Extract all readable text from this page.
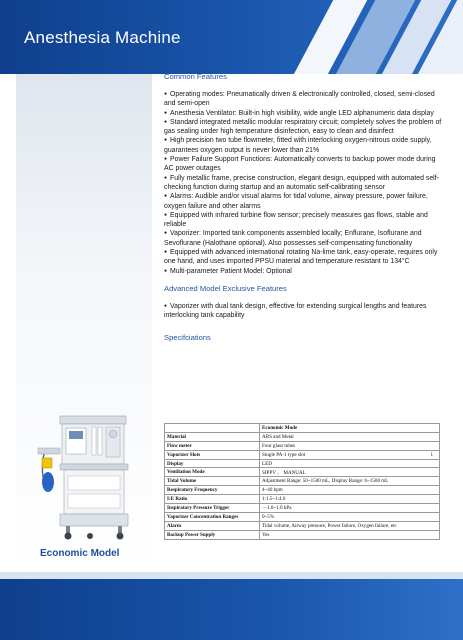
Anesthesia Machine
Common Features

● Operating modes: Pneumatically driven & electronically controlled, closed, semi-closed and semi-open

● Anesthesia Ventilator: Built-in high visibility, wide angle LED alphanumeric data display

● Standard integrated metallic modular respiratory circuit; completely solves the problem of gas sealing under high temperature disinfection, easy to clean and disinfect

● High precision two tube flowmeter, fitted with interlocking oxygen-nitrous oxide supply, guarantees oxygen output is never lower than 21%

● Power Failure Support Functions: Automatically converts to backup power mode during AC power outages

● Fully metallic frame, precise construction, elegant design, equipped with automated self-checking function during startup and an automatic self-calibrating sensor

● Alarms: Audible and/or visual alarms for tidal volume, airway pressure, power failure, oxygen failure and other alarms

● Equipped with infrared turbine flow sensor; precisely measures gas flows, stable and reliable

● Vaporizer: Imported tank components assembled locally; Enflurane, Isoflurane and Sevoflurane (Halothane optional). Also possesses self-compensating functionality

● Equipped with advanced international rotating Na-lime tank, easy-operate, requires only one hand, and uses imported PPSU material and temperature resistant to 134°C

● Multi-parameter Patient Model: Optional

Advanced Model Exclusive Features

● Vaporizer with dual tank design, effective for extending surgical lengths and features interlocking tank capability

Specifciations
	Economic Mode
Material	ABS and Metal
Flow meter	Four glass tubes
Vaporizer Slots	Single PA-1 type slot 1

Display	LED
Ventilation Mode	SIPPV 、 MANUAL
Tidal Volume	Adjustment Range: 50~1500 mL, Display Range: 0~1500 mL
Respiratory Frequency	4~40 bpm
I:E Ratio	1:1.5~1:4.0
Inspiratory Pressure Trigger	－1.0~1.0 kPa
Vaporizer Concentration Ranges	0~5%
Alarm	Tidal volume, Airway pressure, Power failure, Oxygen failure, etc
Backup Power Supply	Yes
Economic Model
